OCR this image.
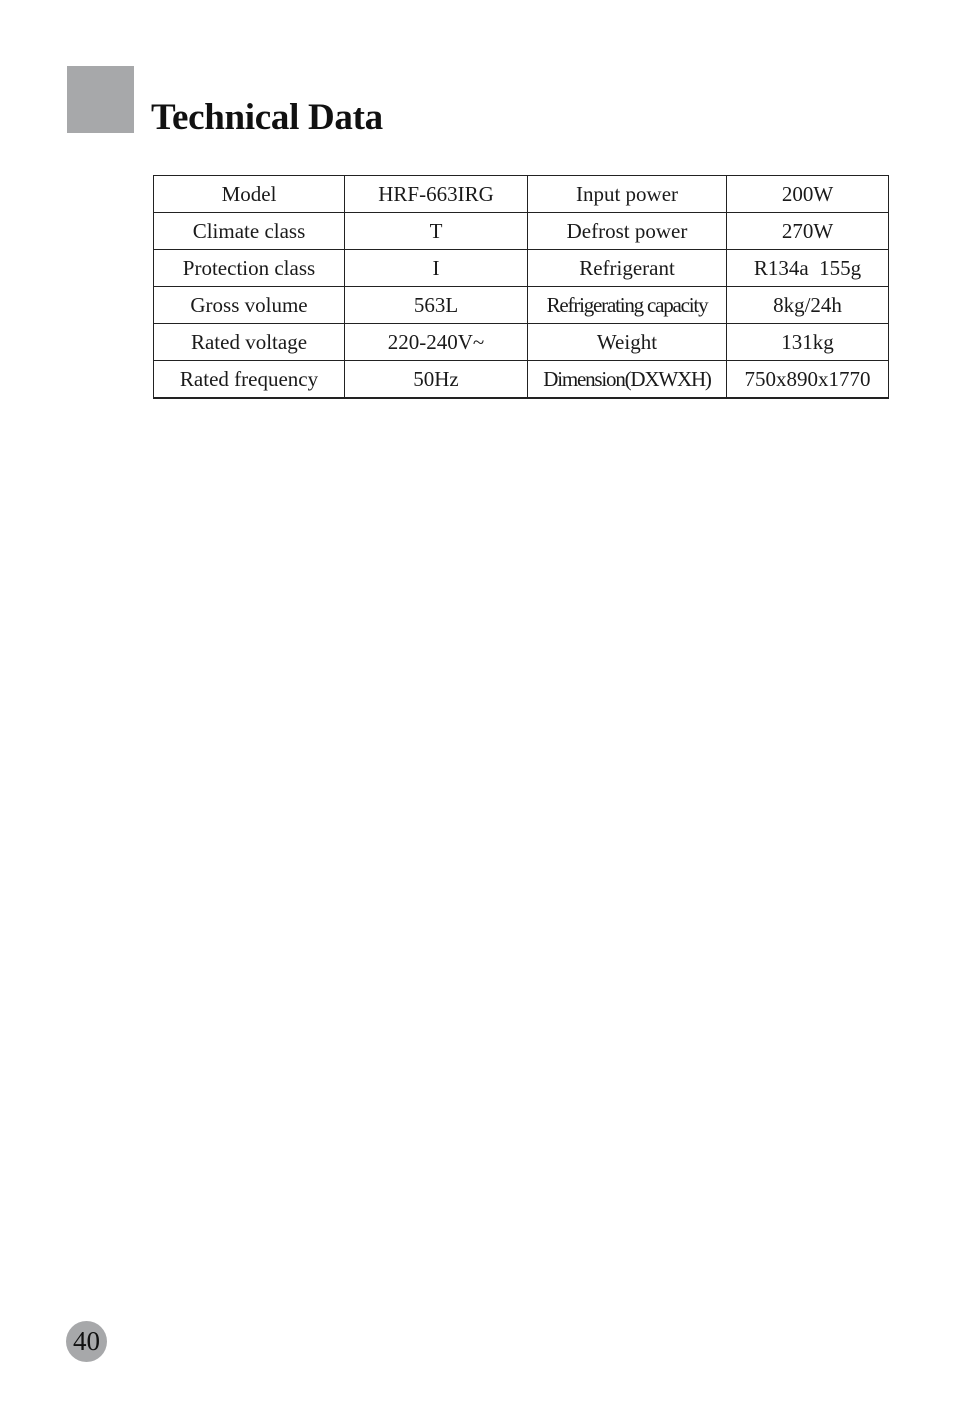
Technical Data
Model	HRF-663IRG	Input power	200W
Climate class	T	Defrost power	270W
Protection class	I	Refrigerant	R134a  155g
Gross volume	563L	Refrigerating capacity	8kg/24h
Rated voltage	220-240V~	Weight	131kg
Rated frequency	50Hz	Dimension(DXWXH)	750x890x1770
40
